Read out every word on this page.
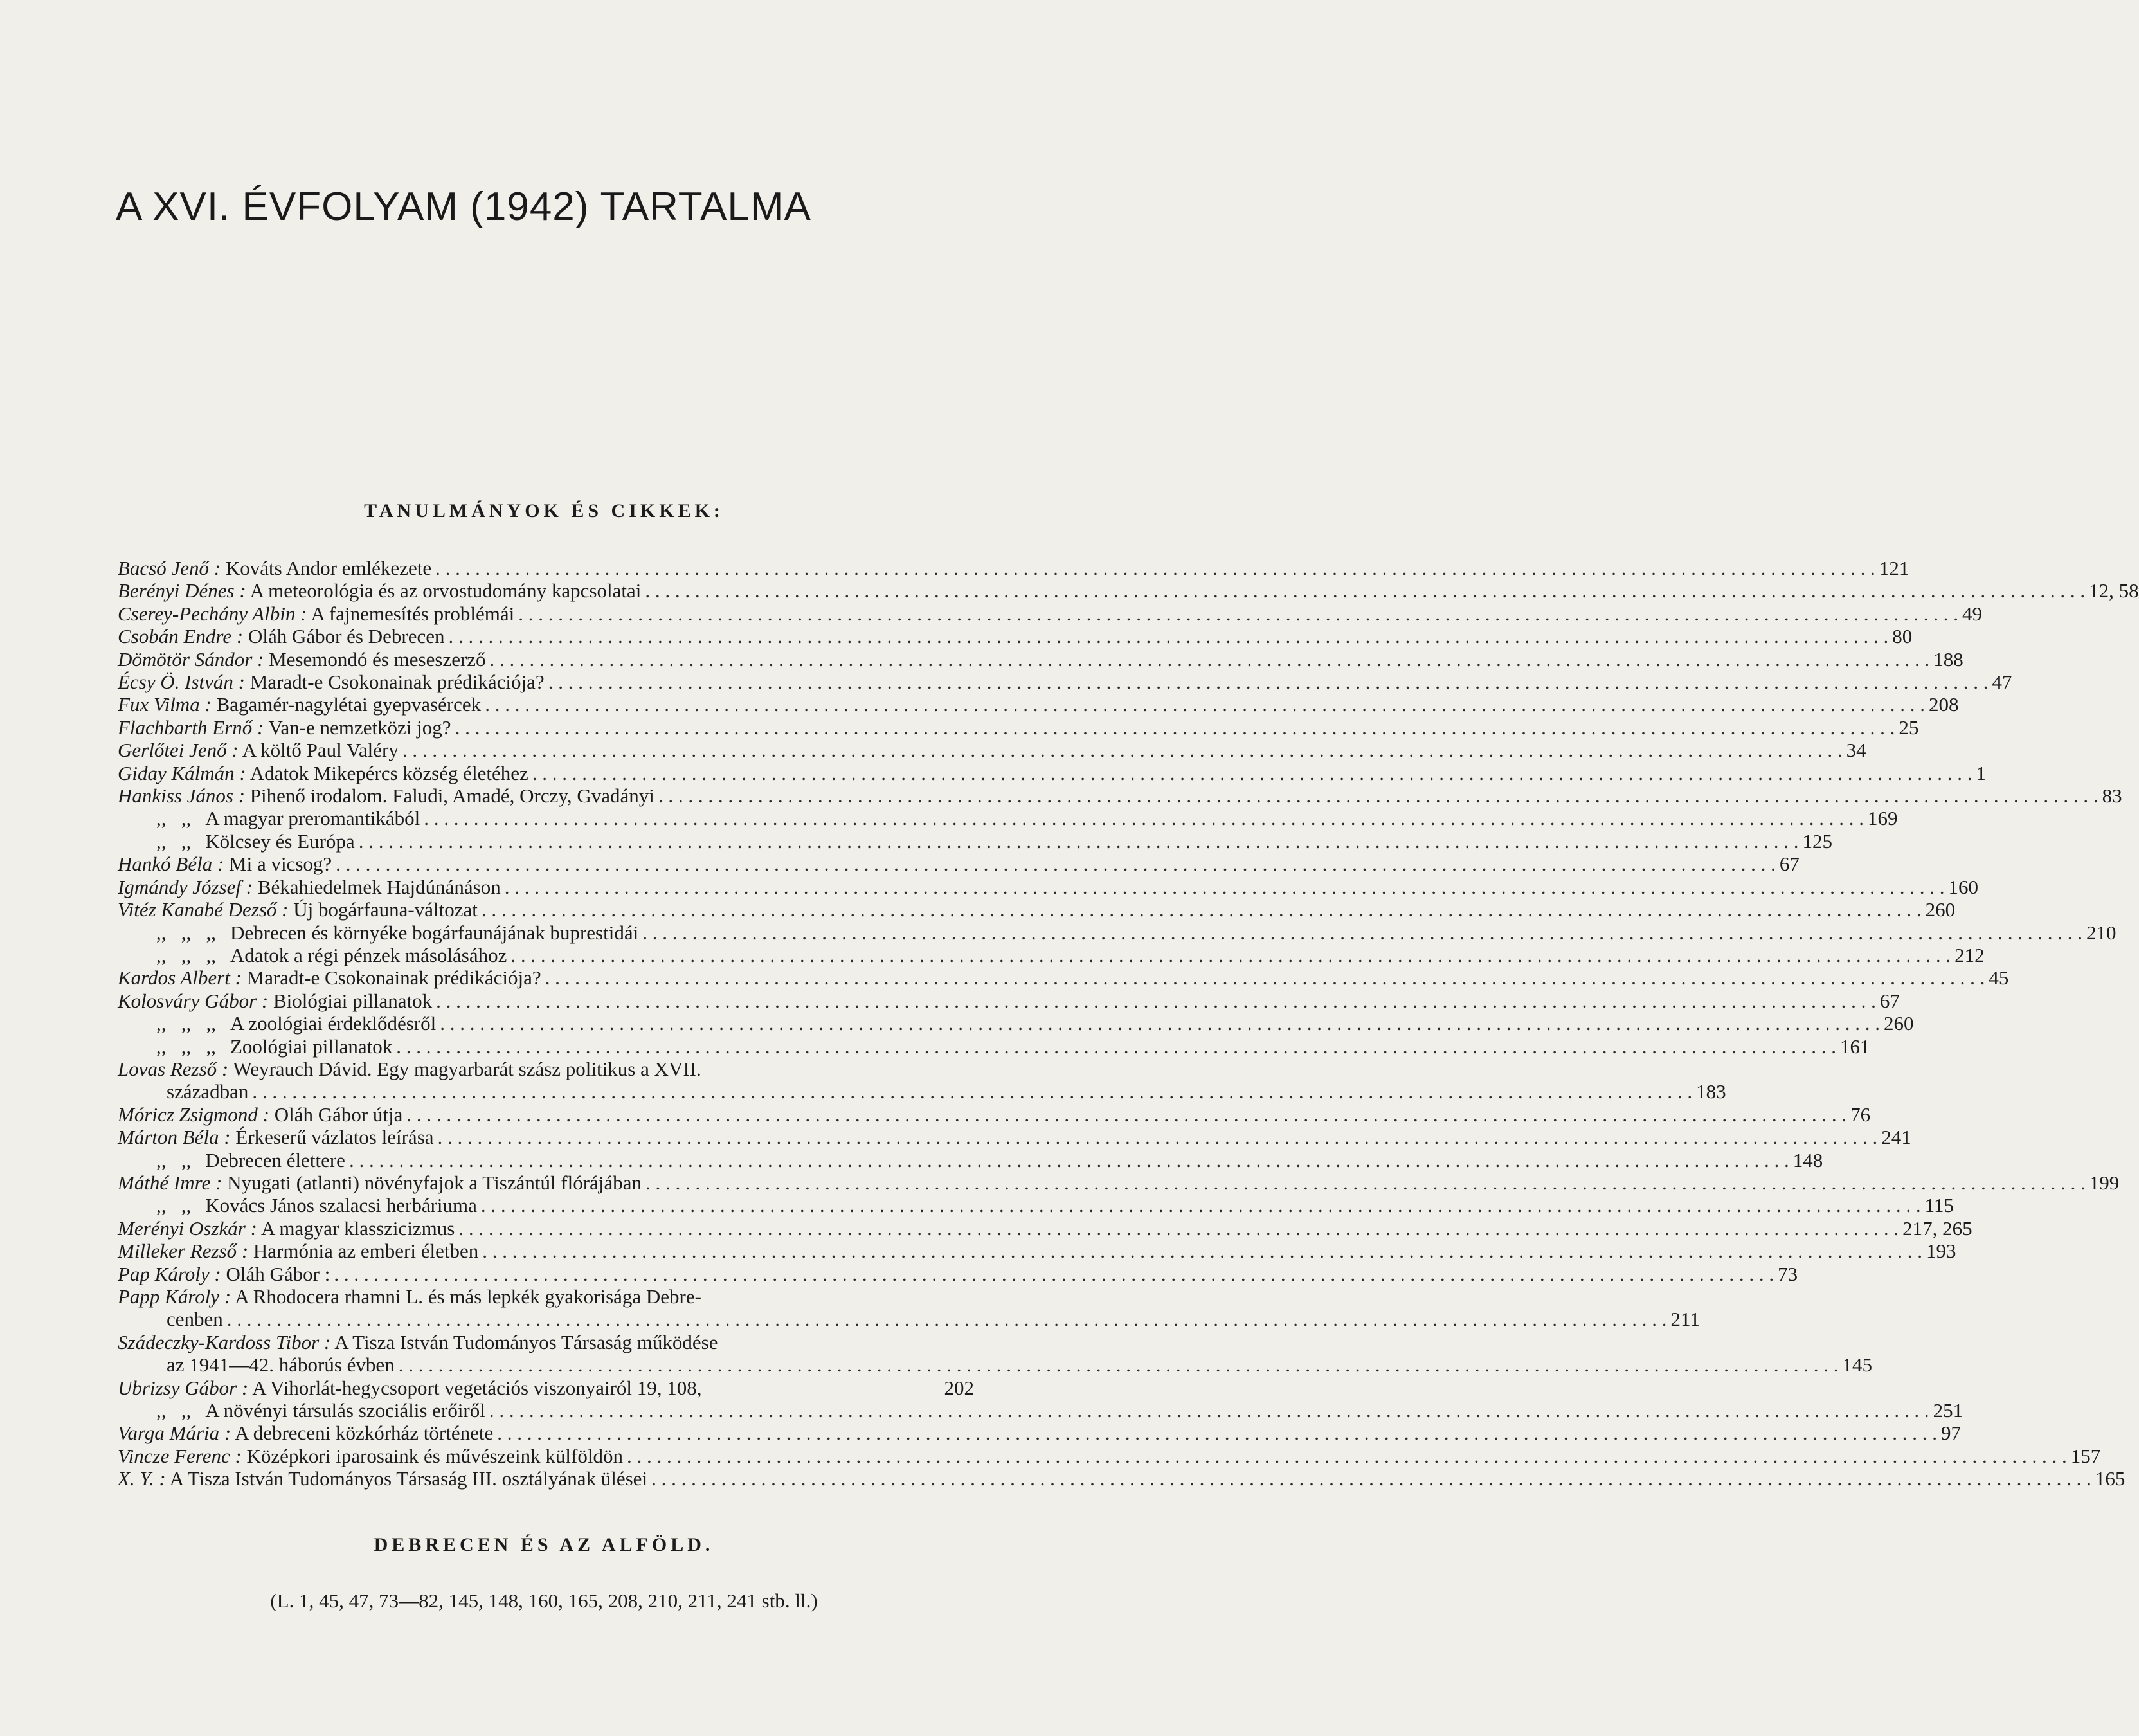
A XVI. ÉVFOLYAM (1942) TARTALMA
TANULMÁNYOK ÉS CIKKEK:
Bacsó Jenő : Kováts Andor emlékezete . . .	121
Berényi Dénes : A meteorológia és az orvostudomány kapcsolatai . . .	12, 58
Cserey-Pechány Albin : A fajnemesítés problémái . . .	49
Csobán Endre : Oláh Gábor és Debrecen . . .	80
Dömötör Sándor : Mesemondó és meseszerző . . .	188
Écsy Ö. István : Maradt-e Csokonainak prédikációja? . . .	47
Fux Vilma : Bagamér-nagylétai gyepvasércek . . .	208
Flachbarth Ernő : Van-e nemzetközi jog? . . .	25
Gerlőtei Jenő : A költő Paul Valéry . . .	34
Giday Kálmán : Adatok Mikepércs község életéhez . . .	1
Hankiss János : Pihenő irodalom. Faludi, Amadé, Orczy, Gvadányi . . .	83
,,   ,, A magyar preromantikából . . .	169
,,   ,, Kölcsey és Európa . . .	125
Hankó Béla : Mi a vicsog? . . .	67
Igmándy József : Békahiedelmek Hajdúnánáson . . .	160
Vitéz Kanabé Dezső : Új bogárfauna-változat . . .	260
,,   ,,   ,, Debrecen és környéke bogárfaunájának buprestidái . . .	210
,,   ,,   ,, Adatok a régi pénzek másolásához . . .	212
Kardos Albert : Maradt-e Csokonainak prédikációja? . . .	45
Kolosváry Gábor : Biológiai pillanatok . . .	67
,,   ,,   ,, A zoológiai érdeklődésről . . .	260
,,   ,,   ,, Zoológiai pillanatok . . .	161
Lovas Rezső : Weyrauch Dávid. Egy magyarbarát szász politikus a XVII.
században . . .	183
Móricz Zsigmond : Oláh Gábor útja . . .	76
Márton Béla : Érkeserű vázlatos leírása . . .	241
,,   ,, Debrecen élettere . . .	148
Máthé Imre : Nyugati (atlanti) növényfajok a Tiszántúl flórájában . . .	199
,,   ,, Kovács János szalacsi herbáriuma . . .	115
Merényi Oszkár : A magyar klasszicizmus . . .	217, 265
Milleker Rezső : Harmónia az emberi életben . . .	193
Pap Károly : Oláh Gábor : . . .	73
Papp Károly : A Rhodocera rhamni L. és más lepkék gyakorisága Debre-
cenben . . .	211
Szádeczky-Kardoss Tibor : A Tisza István Tudományos Társaság működése
az 1941—42. háborús évben . . .	145
Ubrizsy Gábor : A Vihorlát-hegycsoport vegetációs viszonyairól 19, 108,	202
,,   ,, A növényi társulás szociális erőiről . . .	251
Varga Mária : A debreceni közkórház története . . .	97
Vincze Ferenc : Középkori iparosaink és művészeink külföldön . . .	157
X. Y. : A Tisza István Tudományos Társaság III. osztályának ülései . . .	165
DEBRECEN ÉS AZ ALFÖLD.
(L. 1, 45, 47, 73—82, 145, 148, 160, 165, 208, 210, 211, 241 stb. ll.)
